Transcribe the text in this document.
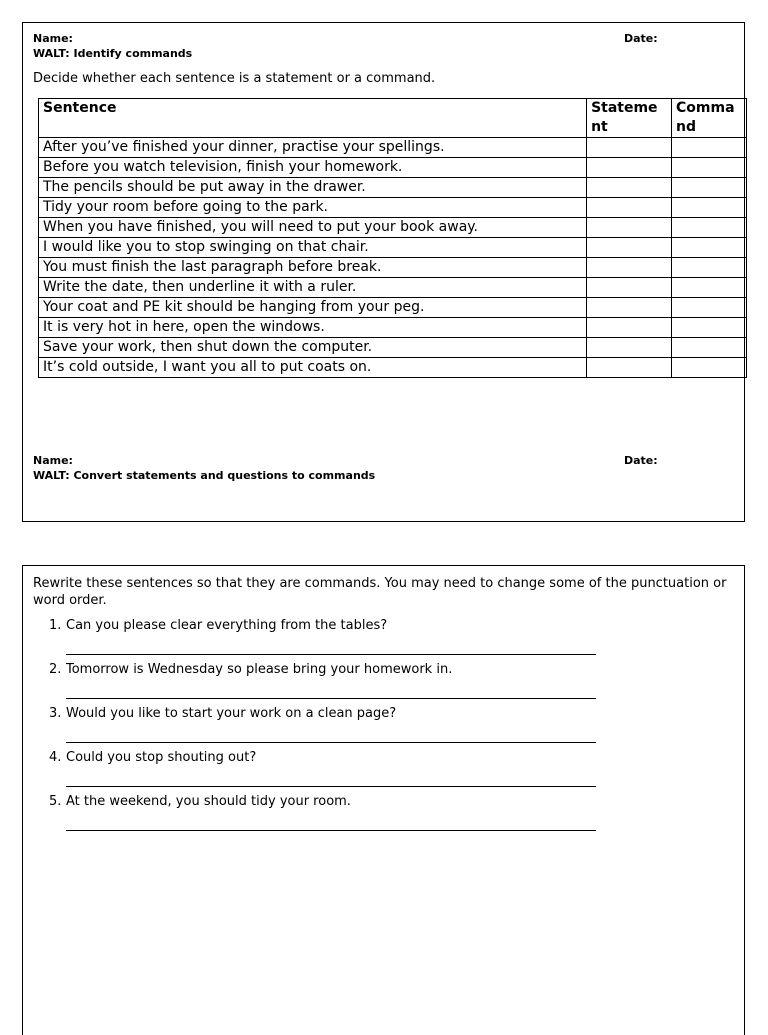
Name:	Date:
WALT: Identify commands
Decide whether each sentence is a statement or a command.
Sentence	Stateme nt	Comma nd
After you’ve finished your dinner, practise your spellings.		
Before you watch television, finish your homework.		
The pencils should be put away in the drawer.		
Tidy your room before going to the park.		
When you have finished, you will need to put your book away.		
I would like you to stop swinging on that chair.		
You must finish the last paragraph before break.		
Write the date, then underline it with a ruler.		
Your coat and PE kit should be hanging from your peg.		
It is very hot in here, open the windows.		
Save your work, then shut down the computer.		
It’s cold outside, I want you all to put coats on.		
Name:	Date:
WALT: Convert statements and questions to commands
Rewrite these sentences so that they are commands. You may need to change some of the punctuation or word order.
1. Can you please clear everything from the tables?
2. Tomorrow is Wednesday so please bring your homework in.
3. Would you like to start your work on a clean page?
4. Could you stop shouting out?
5. At the weekend, you should tidy your room.
